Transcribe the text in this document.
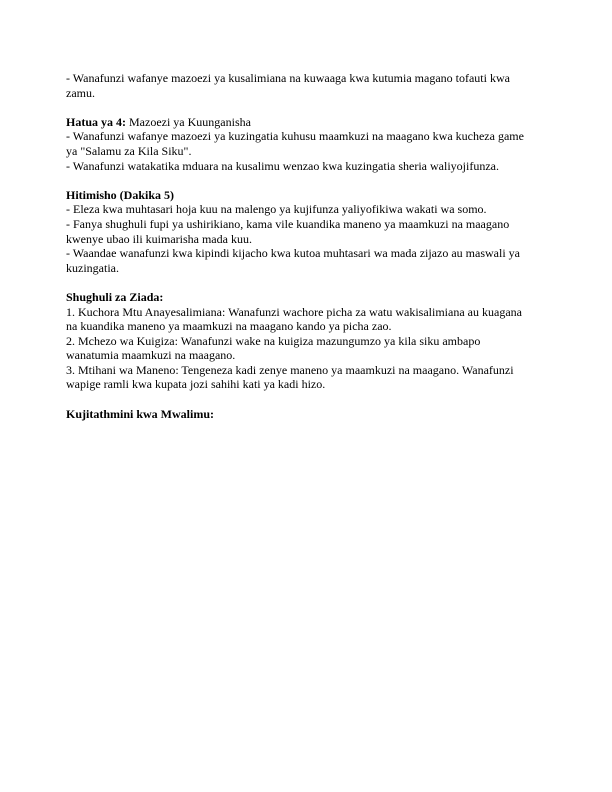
- Wanafunzi wafanye mazoezi ya kusalimiana na kuwaaga kwa kutumia magano tofauti kwa
zamu.
Hatua ya 4: Mazoezi ya Kuunganisha
- Wanafunzi wafanye mazoezi ya kuzingatia kuhusu maamkuzi na maagano kwa kucheza game
ya "Salamu za Kila Siku".
- Wanafunzi watakatika mduara na kusalimu wenzao kwa kuzingatia sheria waliyojifunza.
Hitimisho (Dakika 5)
- Eleza kwa muhtasari hoja kuu na malengo ya kujifunza yaliyofikiwa wakati wa somo.
- Fanya shughuli fupi ya ushirikiano, kama vile kuandika maneno ya maamkuzi na maagano
kwenye ubao ili kuimarisha mada kuu.
- Waandae wanafunzi kwa kipindi kijacho kwa kutoa muhtasari wa mada zijazo au maswali ya
kuzingatia.
Shughuli za Ziada:
1. Kuchora Mtu Anayesalimiana: Wanafunzi wachore picha za watu wakisalimiana au kuagana
na kuandika maneno ya maamkuzi na maagano kando ya picha zao.
2. Mchezo wa Kuigiza: Wanafunzi wake na kuigiza mazungumzo ya kila siku ambapo
wanatumia maamkuzi na maagano.
3. Mtihani wa Maneno: Tengeneza kadi zenye maneno ya maamkuzi na maagano. Wanafunzi
wapige ramli kwa kupata jozi sahihi kati ya kadi hizo.
Kujitathmini kwa Mwalimu:
